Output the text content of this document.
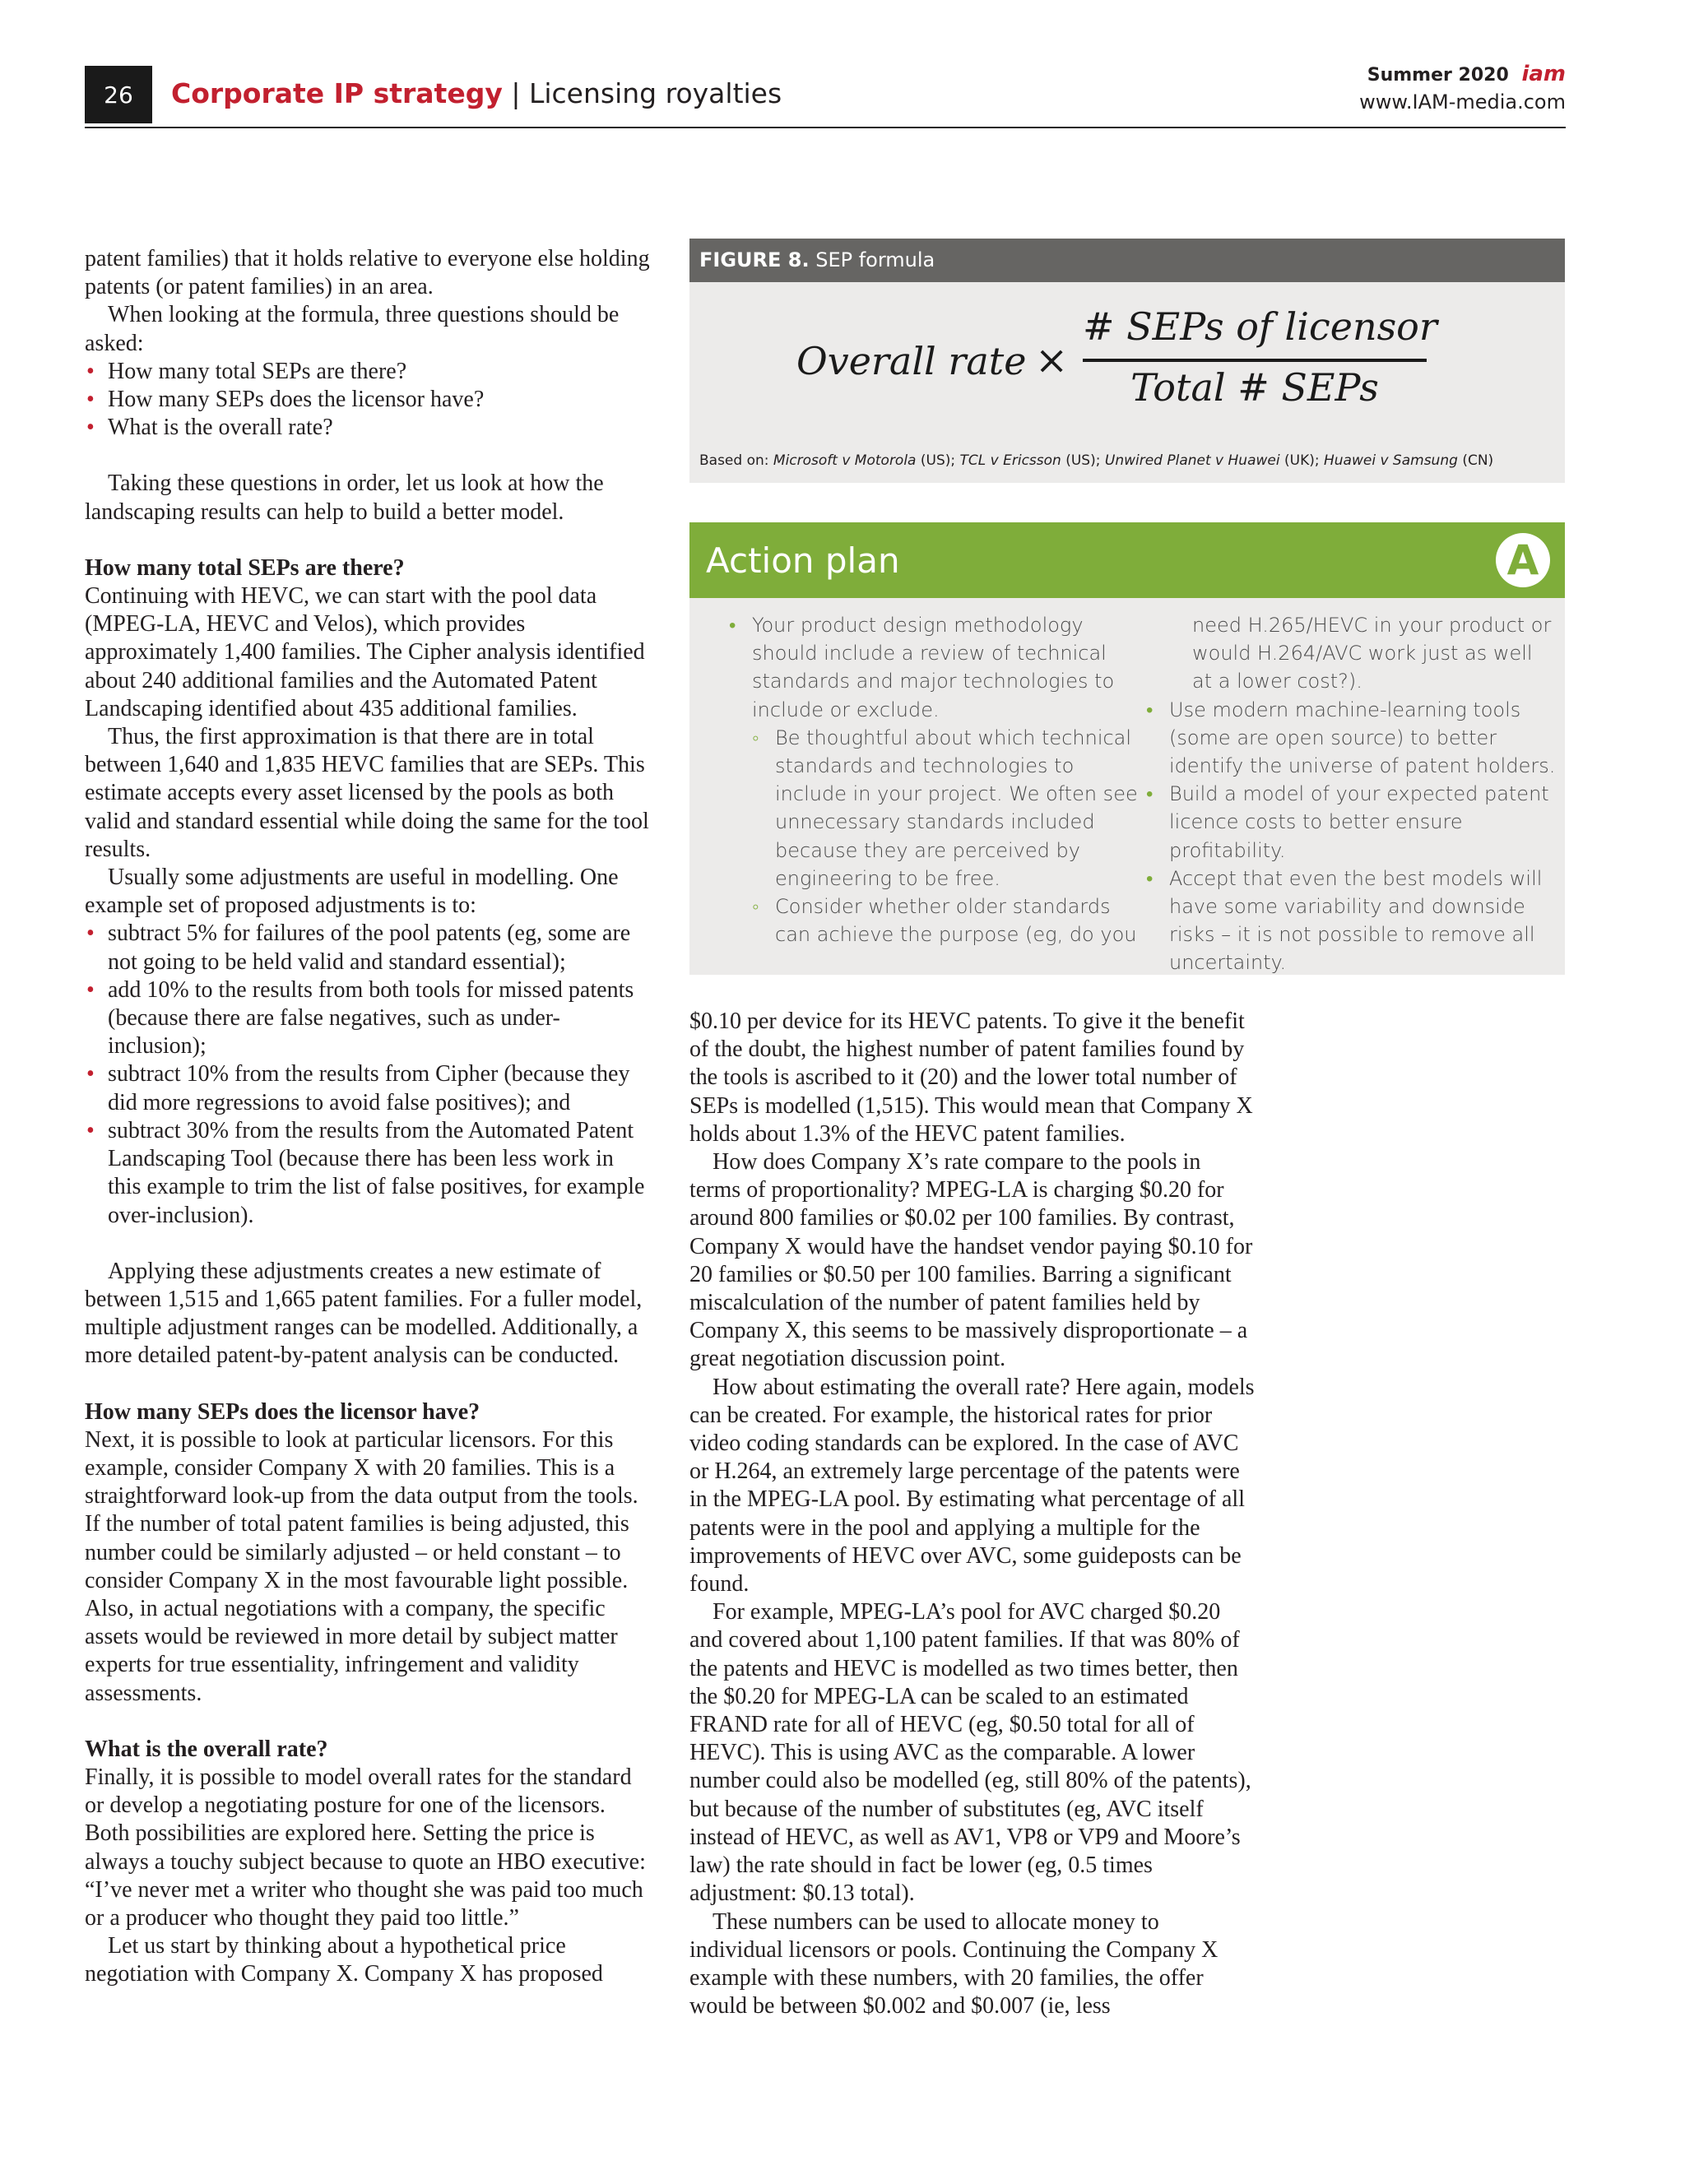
26	Corporate IP strategy | Licensing royalties
Summer 2020 iam
www.IAM-media.com

patent families) that it holds relative to everyone else holding patents (or patent families) in an area.

When looking at the formula, three questions should be asked:

• How many total SEPs are there?
• How many SEPs does the licensor have?
• What is the overall rate?

Taking these questions in order, let us look at how the landscaping results can help to build a better model.

How many total SEPs are there?

Continuing with HEVC, we can start with the pool data (MPEG-LA, HEVC and Velos), which provides approximately 1,400 families. The Cipher analysis identified about 240 additional families and the Automated Patent Landscaping identified about 435 additional families.

Thus, the first approximation is that there are in total between 1,640 and 1,835 HEVC families that are SEPs. This estimate accepts every asset licensed by the pools as both valid and standard essential while doing the same for the tool results.

Usually some adjustments are useful in modelling. One example set of proposed adjustments is to:

• subtract 5% for failures of the pool patents (eg, some are not going to be held valid and standard essential);
• add 10% to the results from both tools for missed patents (because there are false negatives, such as under-inclusion);
• subtract 10% from the results from Cipher (because they did more regressions to avoid false positives); and
• subtract 30% from the results from the Automated Patent Landscaping Tool (because there has been less work in this example to trim the list of false positives, for example over-inclusion).

Applying these adjustments creates a new estimate of between 1,515 and 1,665 patent families. For a fuller model, multiple adjustment ranges can be modelled. Additionally, a more detailed patent-by-patent analysis can be conducted.

How many SEPs does the licensor have?

Next, it is possible to look at particular licensors. For this example, consider Company X with 20 families. This is a straightforward look-up from the data output from the tools. If the number of total patent families is being adjusted, this number could be similarly adjusted – or held constant – to consider Company X in the most favourable light possible. Also, in actual negotiations with a company, the specific assets would be reviewed in more detail by subject matter experts for true essentiality, infringement and validity assessments.

What is the overall rate?

Finally, it is possible to model overall rates for the standard or develop a negotiating posture for one of the licensors. Both possibilities are explored here. Setting the price is always a touchy subject because to quote an HBO executive: “I’ve never met a writer who thought she was paid too much or a producer who thought they paid too little.”

Let us start by thinking about a hypothetical price negotiation with Company X. Company X has proposed

FIGURE 8. SEP formula
Overall rate ×
# SEPs of licensor
Total # SEPs
Based on: Microsoft v Motorola (US); TCL v Ericsson (US); Unwired Planet v Huawei (UK); Huawei v Samsung (CN)
Action plan	A
• Your product design methodology should include a review of technical standards and major technologies to include or exclude.
◦ Be thoughtful about which technical standards and technologies to include in your project. We often see unnecessary standards included because they are perceived by engineering to be free.
◦ Consider whether older standards can achieve the purpose (eg, do you
need H.265/HEVC in your product or would H.264/AVC work just as well at a lower cost?).
• Use modern machine-learning tools (some are open source) to better identify the universe of patent holders.
• Build a model of your expected patent licence costs to better ensure profitability.
• Accept that even the best models will have some variability and downside risks – it is not possible to remove all uncertainty.

$0.10 per device for its HEVC patents. To give it the benefit of the doubt, the highest number of patent families found by the tools is ascribed to it (20) and the lower total number of SEPs is modelled (1,515). This would mean that Company X holds about 1.3% of the HEVC patent families.

How does Company X’s rate compare to the pools in terms of proportionality? MPEG-LA is charging $0.20 for around 800 families or $0.02 per 100 families. By contrast, Company X would have the handset vendor paying $0.10 for 20 families or $0.50 per 100 families. Barring a significant miscalculation of the number of patent families held by Company X, this seems to be massively disproportionate – a great negotiation discussion point.

How about estimating the overall rate? Here again, models can be created. For example, the historical rates for prior video coding standards can be explored. In the case of AVC or H.264, an extremely large percentage of the patents were in the MPEG-LA pool. By estimating what percentage of all patents were in the pool and applying a multiple for the improvements of HEVC over AVC, some guideposts can be found.

For example, MPEG-LA’s pool for AVC charged $0.20 and covered about 1,100 patent families. If that was 80% of the patents and HEVC is modelled as two times better, then the $0.20 for MPEG-LA can be scaled to an estimated FRAND rate for all of HEVC (eg, $0.50 total for all of HEVC). This is using AVC as the comparable. A lower number could also be modelled (eg, still 80% of the patents), but because of the number of substitutes (eg, AVC itself instead of HEVC, as well as AV1, VP8 or VP9 and Moore’s law) the rate should in fact be lower (eg, 0.5 times adjustment: $0.13 total).

These numbers can be used to allocate money to individual licensors or pools. Continuing the Company X example with these numbers, with 20 families, the offer would be between $0.002 and $0.007 (ie, less
